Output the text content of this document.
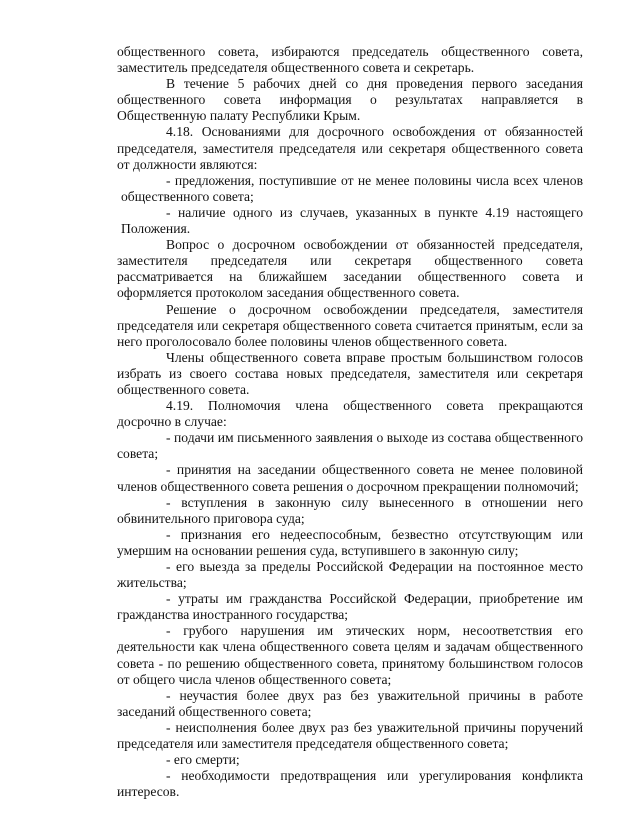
общественного совета, избираются председатель общественного совета, заместитель председателя общественного совета и секретарь.

В течение 5 рабочих дней со дня проведения первого заседания общественного совета информация о результатах направляется в Общественную палату Республики Крым.

4.18. Основаниями для досрочного освобождения от обязанностей председателя, заместителя председателя или секретаря общественного совета от должности являются:

- предложения, поступившие от не менее половины числа всех членов общественного совета;

- наличие одного из случаев, указанных в пункте 4.19 настоящего Положения.

Вопрос о досрочном освобождении от обязанностей председателя, заместителя председателя или секретаря общественного совета рассматривается на ближайшем заседании общественного совета и оформляется протоколом заседания общественного совета.

Решение о досрочном освобождении председателя, заместителя председателя или секретаря общественного совета считается принятым, если за него проголосовало более половины членов общественного совета.

Члены общественного совета вправе простым большинством голосов избрать из своего состава новых председателя, заместителя или секретаря общественного совета.

4.19. Полномочия члена общественного совета прекращаются досрочно в случае:

- подачи им письменного заявления о выходе из состава общественного совета;

- принятия на заседании общественного совета не менее половиной членов общественного совета решения о досрочном прекращении полномочий;

- вступления в законную силу вынесенного в отношении него обвинительного приговора суда;

- признания его недееспособным, безвестно отсутствующим или умершим на основании решения суда, вступившего в законную силу;

- его выезда за пределы Российской Федерации на постоянное место жительства;

- утраты им гражданства Российской Федерации, приобретение им гражданства иностранного государства;

- грубого нарушения им этических норм, несоответствия его деятельности как члена общественного совета целям и задачам общественного совета - по решению общественного совета, принятому большинством голосов от общего числа членов общественного совета;

- неучастия более двух раз без уважительной причины в работе заседаний общественного совета;

- неисполнения более двух раз без уважительной причины поручений председателя или заместителя председателя общественного совета;

- его смерти;

- необходимости предотвращения или урегулирования конфликта интересов.
